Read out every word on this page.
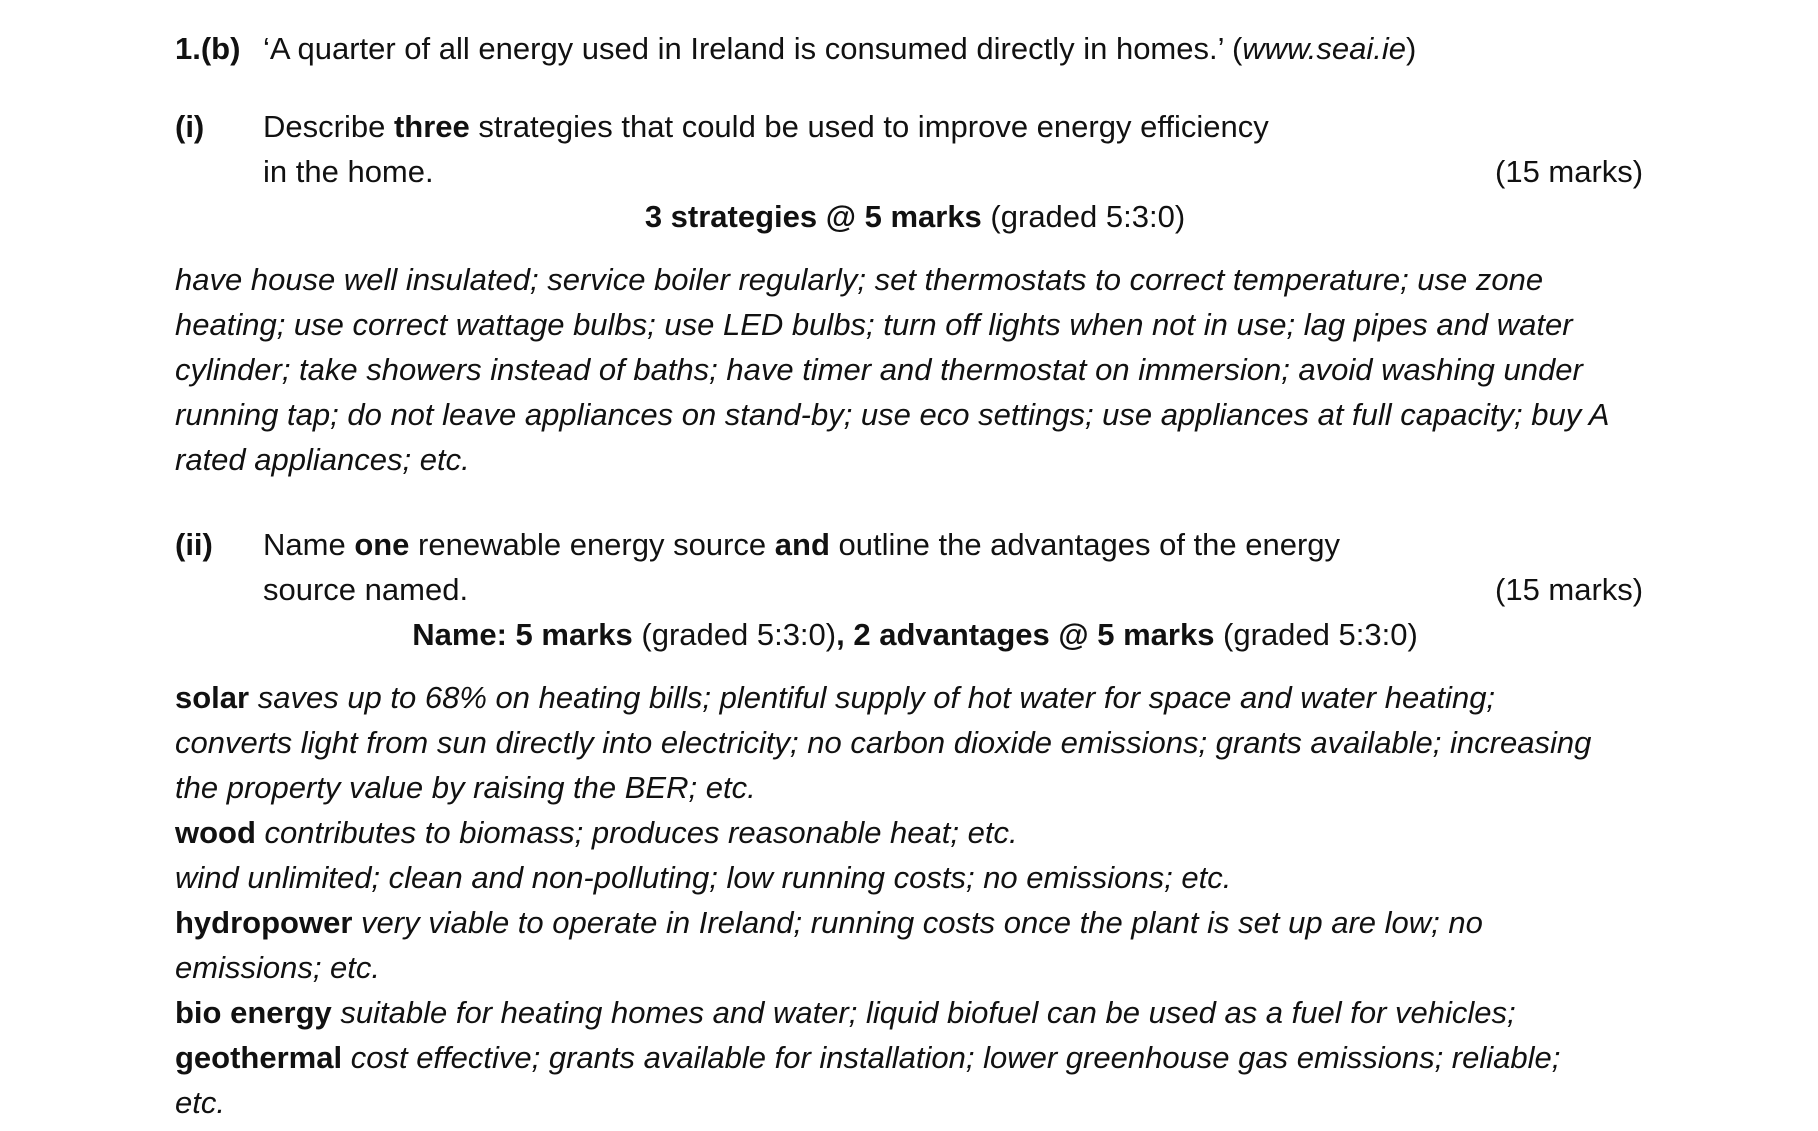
1.(b) ‘A quarter of all energy used in Ireland is consumed directly in homes.’ (www.seai.ie)
(i) Describe three strategies that could be used to improve energy efficiency
in the home.	(15 marks)
3 strategies @ 5 marks (graded 5:3:0)
have house well insulated; service boiler regularly; set thermostats to correct temperature; use zone
heating; use correct wattage bulbs; use LED bulbs; turn off lights when not in use; lag pipes and water
cylinder; take showers instead of baths; have timer and thermostat on immersion; avoid washing under
running tap; do not leave appliances on stand-by; use eco settings; use appliances at full capacity; buy A
rated appliances; etc.
(ii) Name one renewable energy source and outline the advantages of the energy
source named.	(15 marks)
Name: 5 marks (graded 5:3:0), 2 advantages @ 5 marks (graded 5:3:0)
solar saves up to 68% on heating bills; plentiful supply of hot water for space and water heating;
converts light from sun directly into electricity; no carbon dioxide emissions; grants available; increasing
the property value by raising the BER; etc.
wood contributes to biomass; produces reasonable heat; etc.
wind unlimited; clean and non-polluting; low running costs; no emissions; etc.
hydropower very viable to operate in Ireland; running costs once the plant is set up are low; no
emissions; etc.
bio energy suitable for heating homes and water; liquid biofuel can be used as a fuel for vehicles;
geothermal cost effective; grants available for installation; lower greenhouse gas emissions; reliable;
etc.
